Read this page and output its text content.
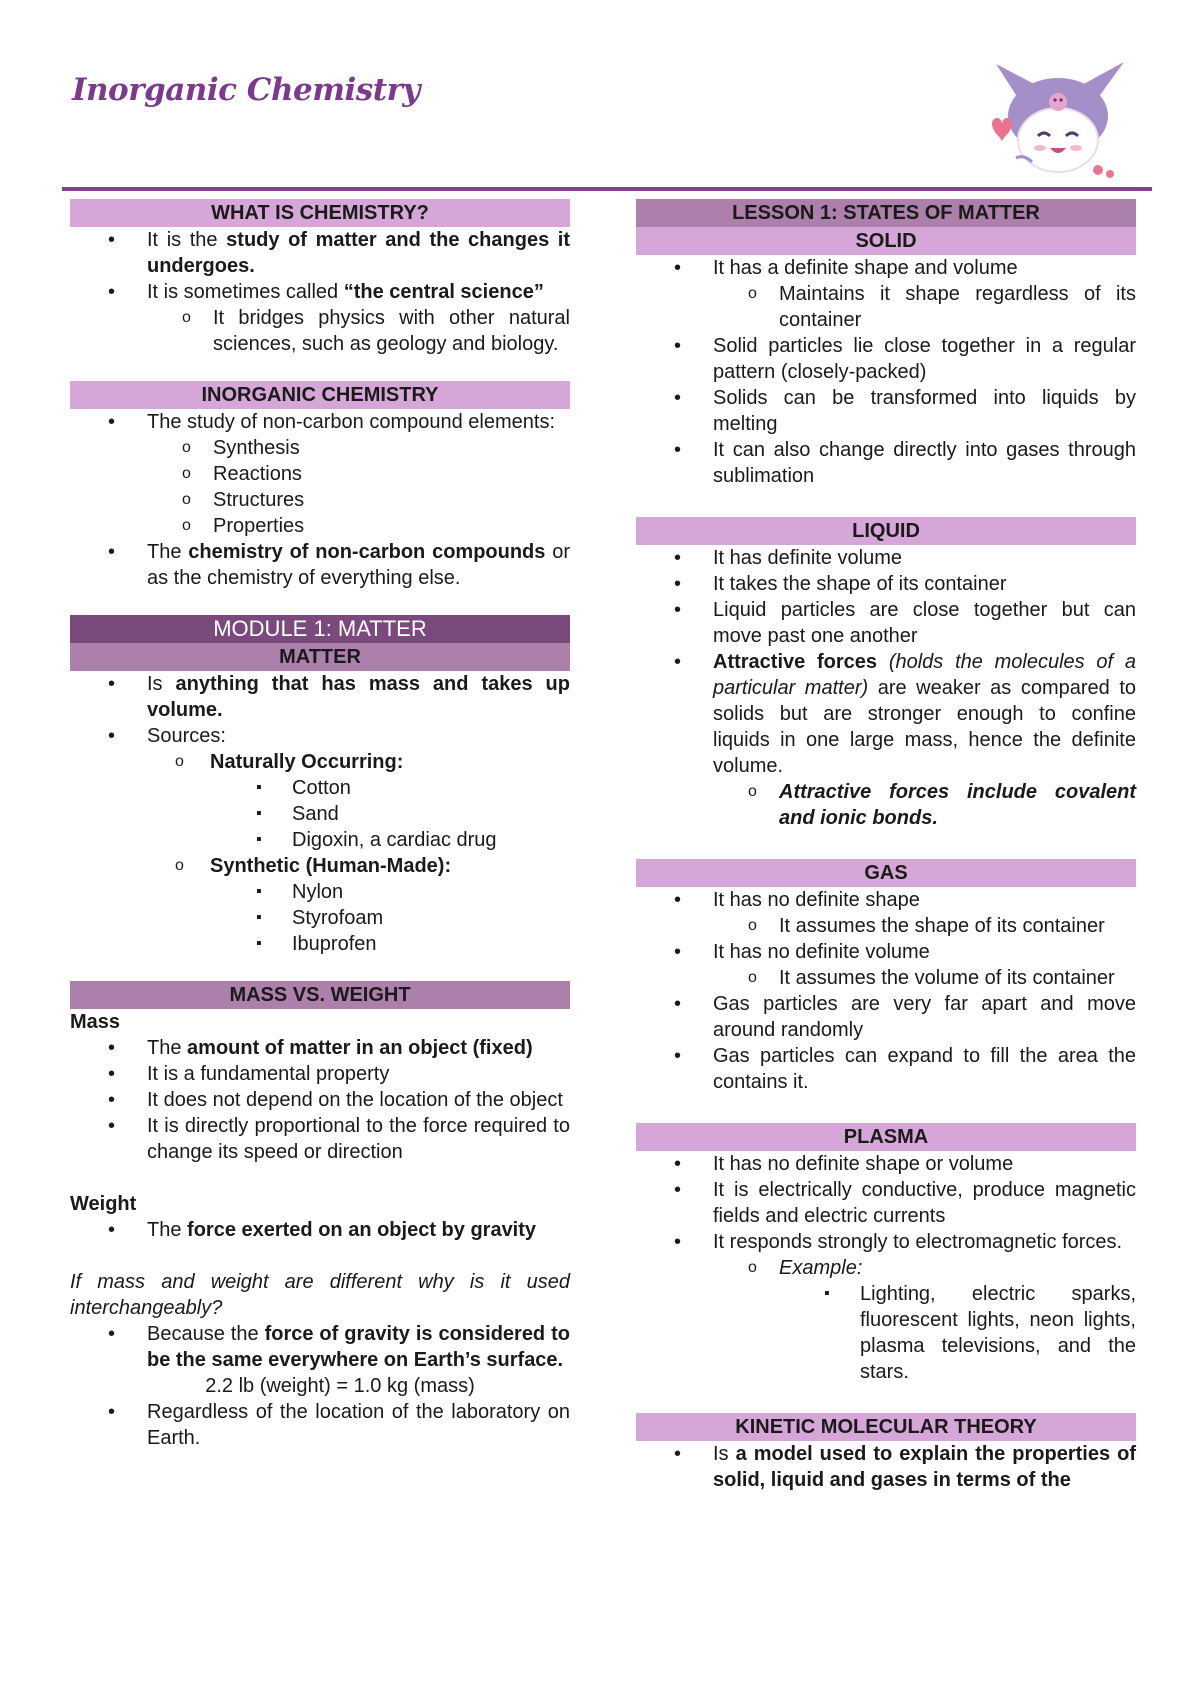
Inorganic Chemistry
WHAT IS CHEMISTRY?
• It is the study of matter and the changes it undergoes.
• It is sometimes called “the central science”
o It bridges physics with other natural sciences, such as geology and biology.
INORGANIC CHEMISTRY
• The study of non-carbon compound elements:
o Synthesis
o Reactions
o Structures
o Properties
• The chemistry of non-carbon compounds or as the chemistry of everything else.
MODULE 1: MATTER
MATTER
• Is anything that has mass and takes up volume.
• Sources:
o Naturally Occurring:
▪ Cotton
▪ Sand
▪ Digoxin, a cardiac drug
o Synthetic (Human-Made):
▪ Nylon
▪ Styrofoam
▪ Ibuprofen
MASS VS. WEIGHT
Mass
• The amount of matter in an object (fixed)
• It is a fundamental property
• It does not depend on the location of the object
• It is directly proportional to the force required to change its speed or direction
Weight
• The force exerted on an object by gravity
If mass and weight are different why is it used interchangeably?
• Because the force of gravity is considered to be the same everywhere on Earth’s surface.
2.2 lb (weight) = 1.0 kg (mass)
• Regardless of the location of the laboratory on Earth.
LESSON 1: STATES OF MATTER
SOLID
• It has a definite shape and volume
o Maintains it shape regardless of its container
• Solid particles lie close together in a regular pattern (closely-packed)
• Solids can be transformed into liquids by melting
• It can also change directly into gases through sublimation
LIQUID
• It has definite volume
• It takes the shape of its container
• Liquid particles are close together but can move past one another
• Attractive forces (holds the molecules of a particular matter) are weaker as compared to solids but are stronger enough to confine liquids in one large mass, hence the definite volume.
o Attractive forces include covalent and ionic bonds.
GAS
• It has no definite shape
o It assumes the shape of its container
• It has no definite volume
o It assumes the volume of its container
• Gas particles are very far apart and move around randomly
• Gas particles can expand to fill the area the contains it.
PLASMA
• It has no definite shape or volume
• It is electrically conductive, produce magnetic fields and electric currents
• It responds strongly to electromagnetic forces.
o Example:
▪ Lighting, electric sparks, fluorescent lights, neon lights, plasma televisions, and the stars.
KINETIC MOLECULAR THEORY
• Is a model used to explain the properties of solid, liquid and gases in terms of the
